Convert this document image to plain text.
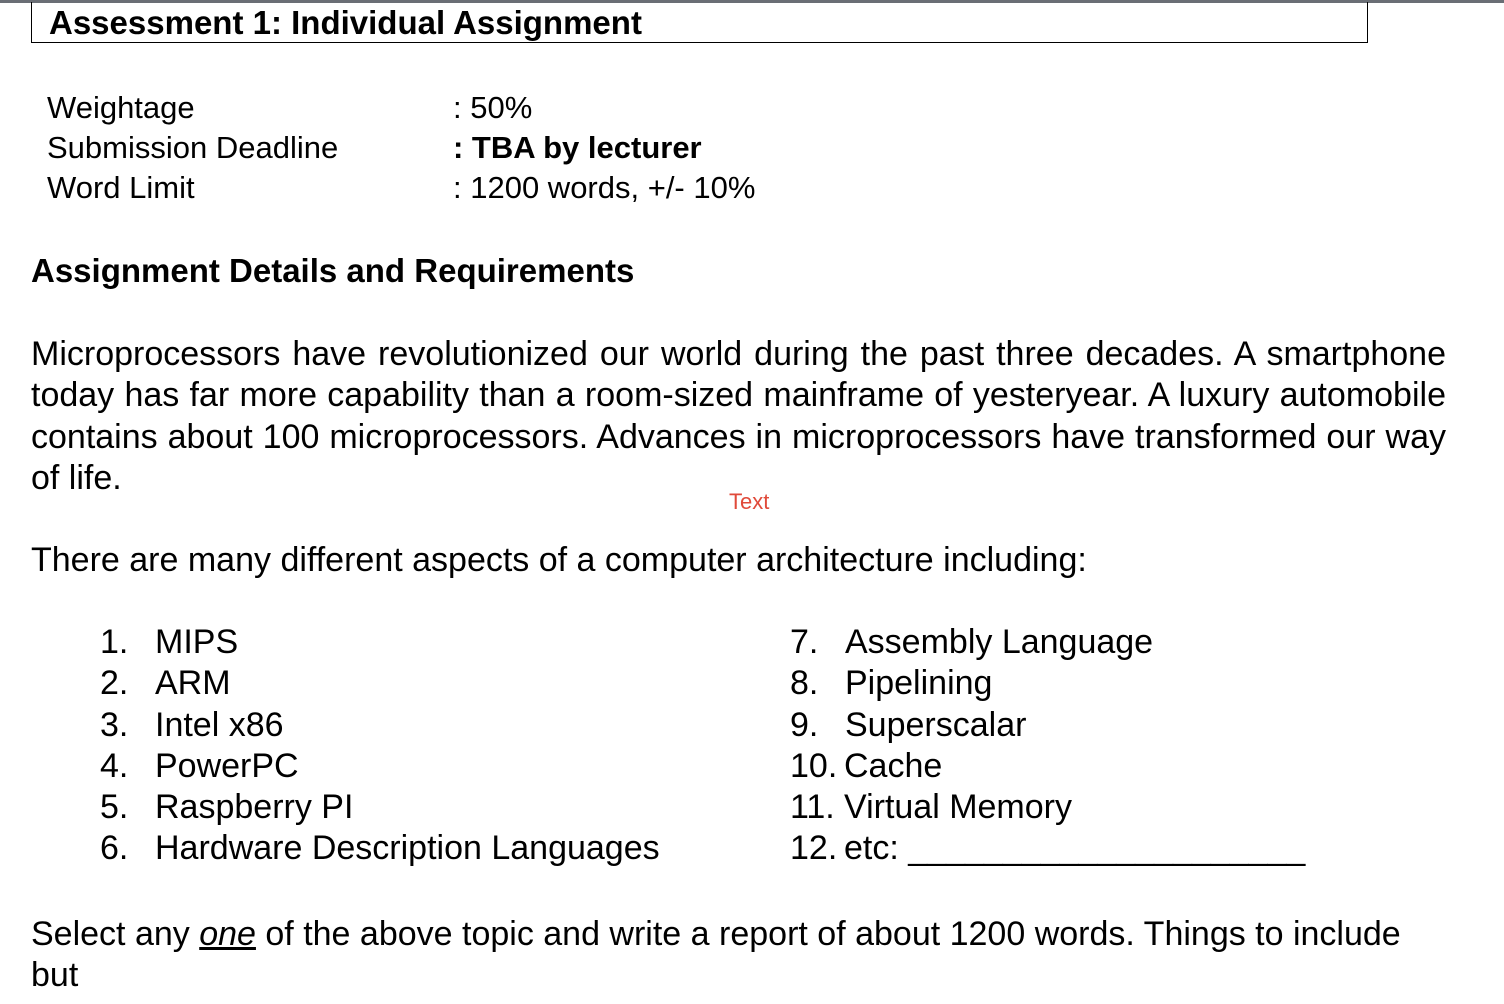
Assessment 1: Individual Assignment
Weightage	: 50%
Submission Deadline	: TBA by lecturer
Word Limit	: 1200 words, +/- 10%
Assignment Details and Requirements
Microprocessors have revolutionized our world during the past three decades. A smartphone today has far more capability than a room-sized mainframe of yesteryear. A luxury automobile contains about 100 microprocessors. Advances in microprocessors have transformed our way of life.
Text
There are many different aspects of a computer architecture including:
1. MIPS
2. ARM
3. Intel x86
4. PowerPC
5. Raspberry PI
6. Hardware Description Languages
7. Assembly Language
8. Pipelining
9. Superscalar
10. Cache
11. Virtual Memory
12. etc: _____________________
Select any one of the above topic and write a report of about 1200 words. Things to include
but
